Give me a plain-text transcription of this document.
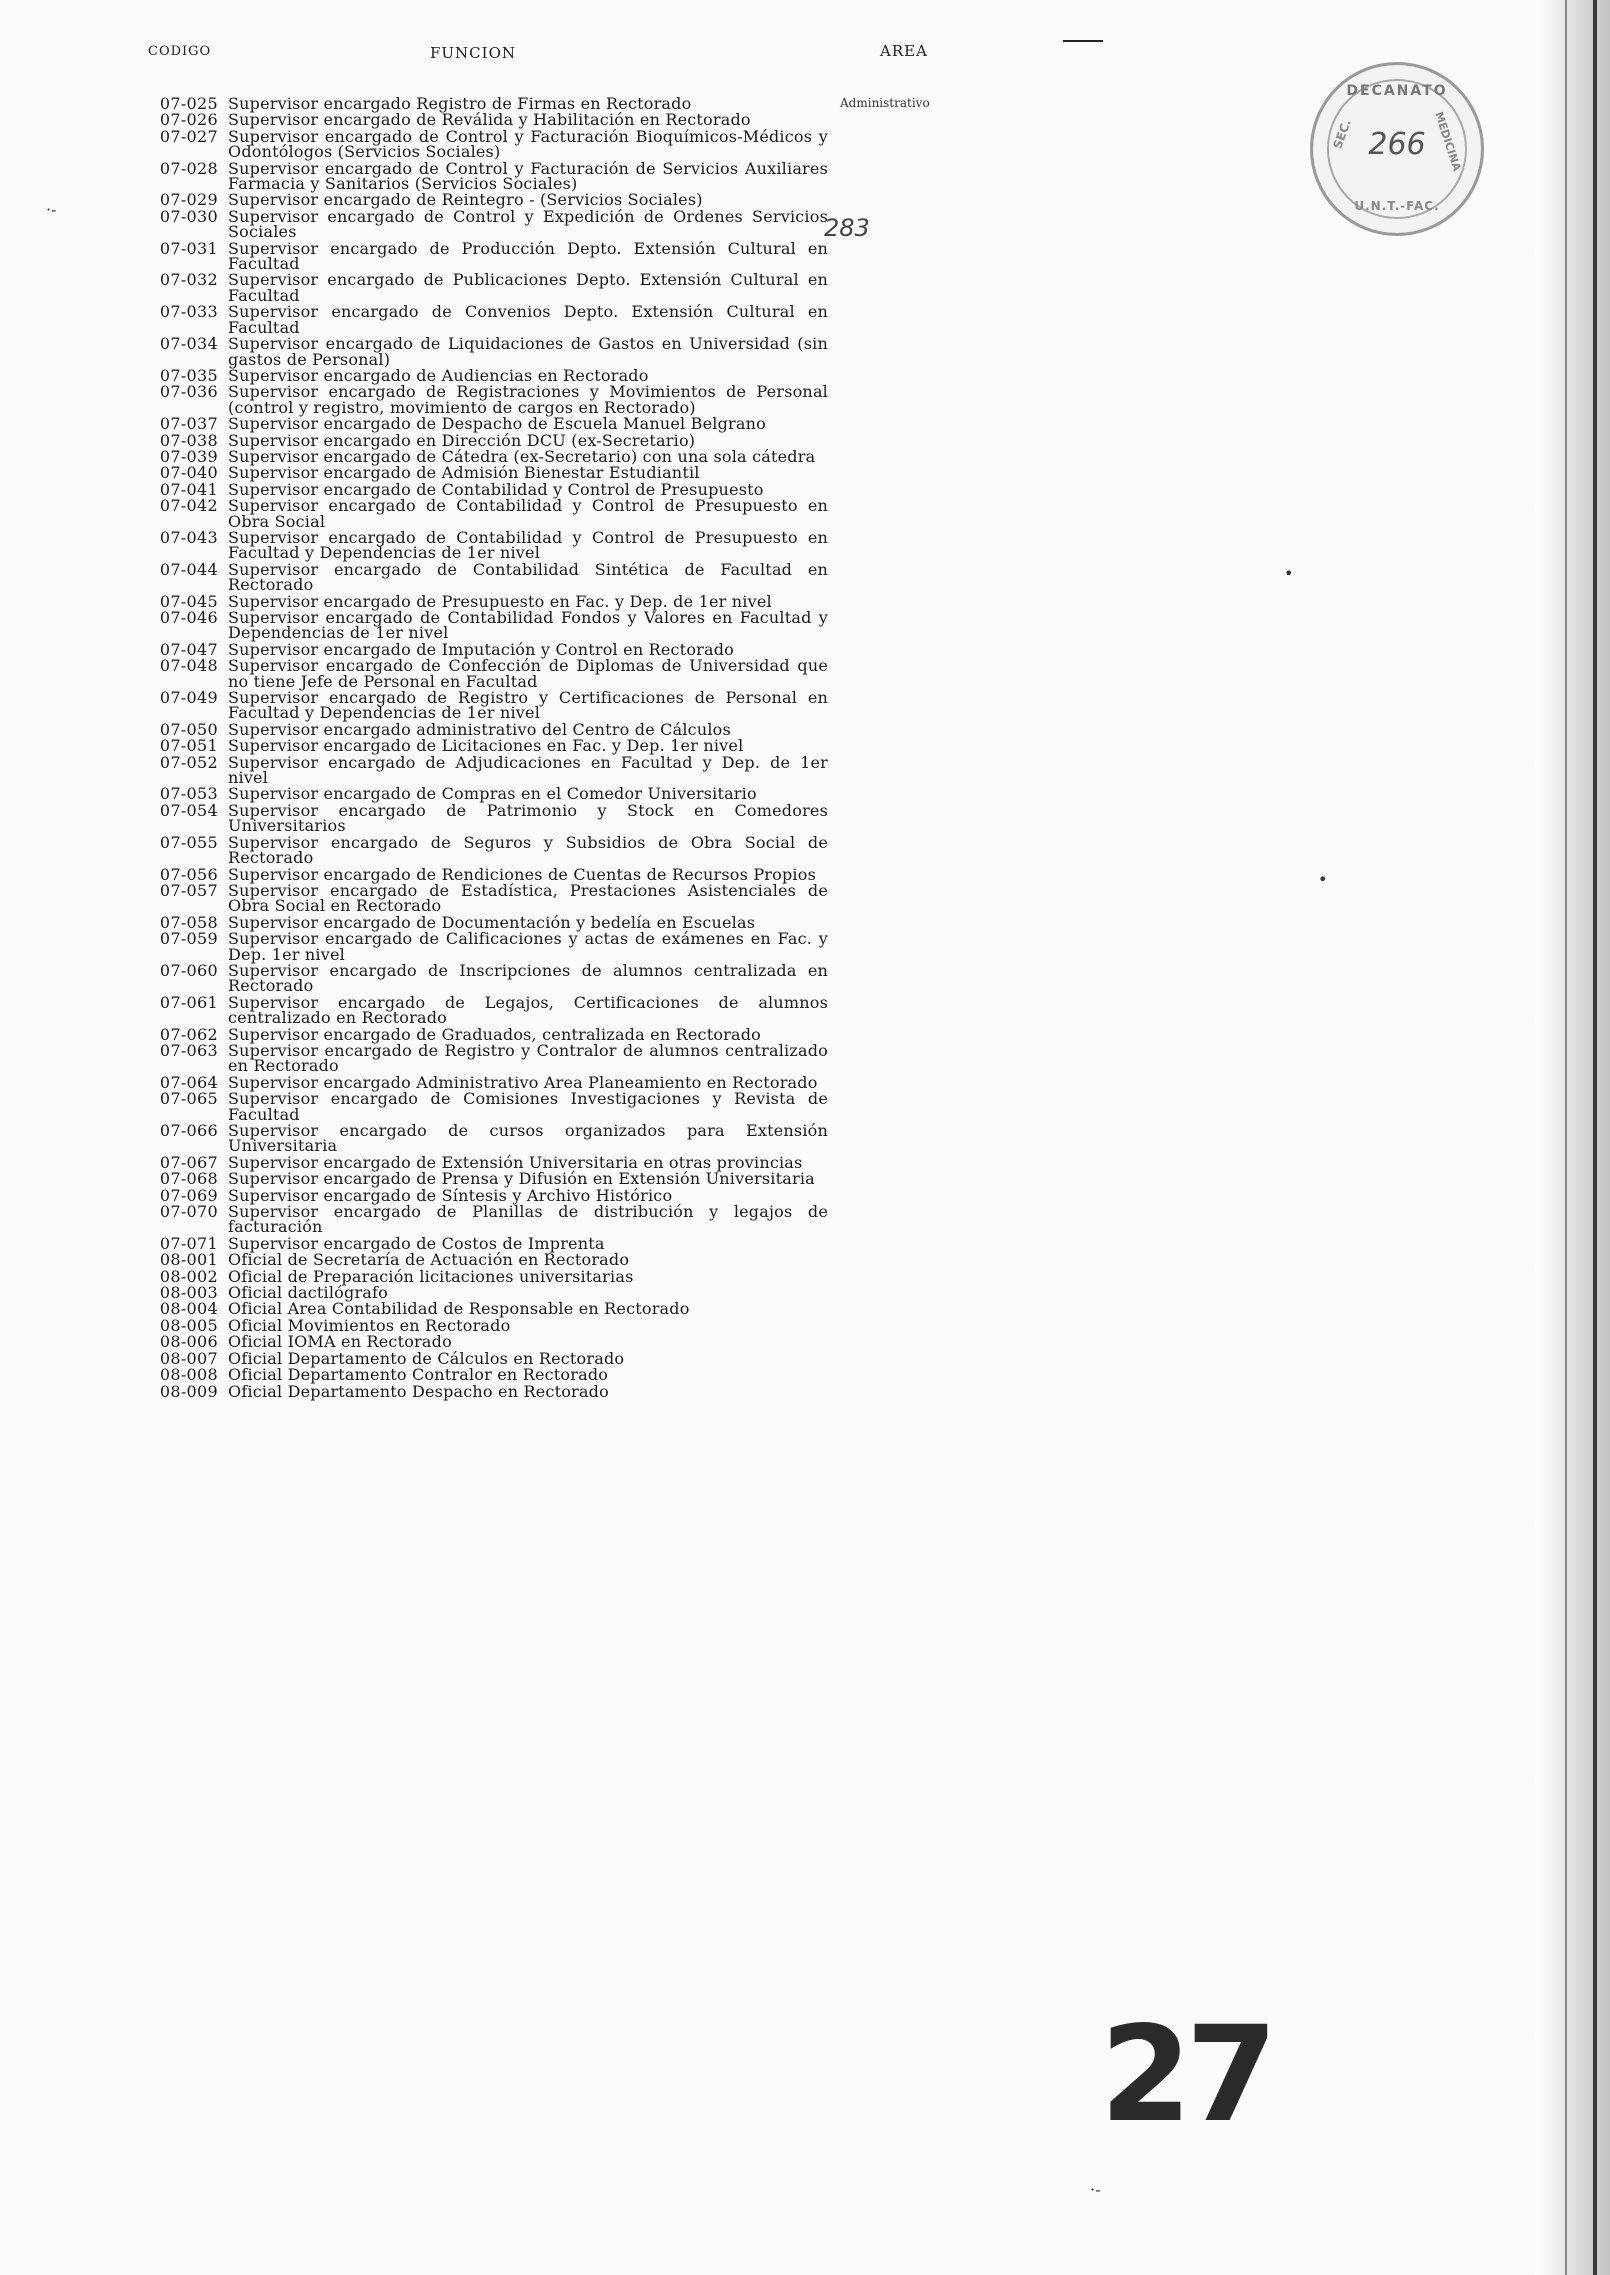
CODIGO	FUNCION	AREA
07-025 Supervisor encargado Registro de Firmas en Rectorado	Administrativo
07-026 Supervisor encargado de Reválida y Habilitación en Rectorado
07-027 Supervisor encargado de Control y Facturación Bioquímicos-Médicos y Odontólogos (Servicios Sociales)
07-028 Supervisor encargado de Control y Facturación de Servicios Auxiliares Farmacia y Sanitarios (Servicios Sociales)
07-029 Supervisor encargado de Reintegro - (Servicios Sociales)
07-030 Supervisor encargado de Control y Expedición de Ordenes Servicios Sociales
07-031 Supervisor encargado de Producción Depto. Extensión Cultural en Facultad
07-032 Supervisor encargado de Publicaciones Depto. Extensión Cultural en Facultad
07-033 Supervisor encargado de Convenios Depto. Extensión Cultural en Facultad
07-034 Supervisor encargado de Liquidaciones de Gastos en Universidad (sin gastos de Personal)
07-035 Supervisor encargado de Audiencias en Rectorado
07-036 Supervisor encargado de Registraciones y Movimientos de Personal (control y registro, movimiento de cargos en Rectorado)
07-037 Supervisor encargado de Despacho de Escuela Manuel Belgrano
07-038 Supervisor encargado en Dirección DCU (ex-Secretario)
07-039 Supervisor encargado de Cátedra (ex-Secretario) con una sola cátedra
07-040 Supervisor encargado de Admisión Bienestar Estudiantil
07-041 Supervisor encargado de Contabilidad y Control de Presupuesto
07-042 Supervisor encargado de Contabilidad y Control de Presupuesto en Obra Social
07-043 Supervisor encargado de Contabilidad y Control de Presupuesto en Facultad y Dependencias de 1er nivel
07-044 Supervisor encargado de Contabilidad Sintética de Facultad en Rectorado
07-045 Supervisor encargado de Presupuesto en Fac. y Dep. de 1er nivel
07-046 Supervisor encargado de Contabilidad Fondos y Valores en Facultad y Dependencias de 1er nivel
07-047 Supervisor encargado de Imputación y Control en Rectorado
07-048 Supervisor encargado de Confección de Diplomas de Universidad que no tiene Jefe de Personal en Facultad
07-049 Supervisor encargado de Registro y Certificaciones de Personal en Facultad y Dependencias de 1er nivel
07-050 Supervisor encargado administrativo del Centro de Cálculos
07-051 Supervisor encargado de Licitaciones en Fac. y Dep. 1er nivel
07-052 Supervisor encargado de Adjudicaciones en Facultad y Dep. de 1er nivel
07-053 Supervisor encargado de Compras en el Comedor Universitario
07-054 Supervisor encargado de Patrimonio y Stock en Comedores Universitarios
07-055 Supervisor encargado de Seguros y Subsidios de Obra Social de Rectorado
07-056 Supervisor encargado de Rendiciones de Cuentas de Recursos Propios
07-057 Supervisor encargado de Estadística, Prestaciones Asistenciales de Obra Social en Rectorado
07-058 Supervisor encargado de Documentación y bedelía en Escuelas
07-059 Supervisor encargado de Calificaciones y actas de exámenes en Fac. y Dep. 1er nivel
07-060 Supervisor encargado de Inscripciones de alumnos centralizada en Rectorado
07-061 Supervisor encargado de Legajos, Certificaciones de alumnos centralizado en Rectorado
07-062 Supervisor encargado de Graduados, centralizada en Rectorado
07-063 Supervisor encargado de Registro y Contralor de alumnos centralizado en Rectorado
07-064 Supervisor encargado Administrativo Area Planeamiento en Rectorado
07-065 Supervisor encargado de Comisiones Investigaciones y Revista de Facultad
07-066 Supervisor encargado de cursos organizados para Extensión Universitaria
07-067 Supervisor encargado de Extensión Universitaria en otras provincias
07-068 Supervisor encargado de Prensa y Difusión en Extensión Universitaria
07-069 Supervisor encargado de Síntesis y Archivo Histórico
07-070 Supervisor encargado de Planillas de distribución y legajos de facturación
07-071 Supervisor encargado de Costos de Imprenta
08-001 Oficial de Secretaría de Actuación en Rectorado
08-002 Oficial de Preparación licitaciones universitarias
08-003 Oficial dactilógrafo
08-004 Oficial Area Contabilidad de Responsable en Rectorado
08-005 Oficial Movimientos en Rectorado
08-006 Oficial IOMA en Rectorado
08-007 Oficial Departamento de Cálculos en Rectorado
08-008 Oficial Departamento Contralor en Rectorado
08-009 Oficial Departamento Despacho en Rectorado
DECANATO
SEC.	MEDICINA
266
U.N.T.-FAC.
283
27
·‑
•
•
·‑
